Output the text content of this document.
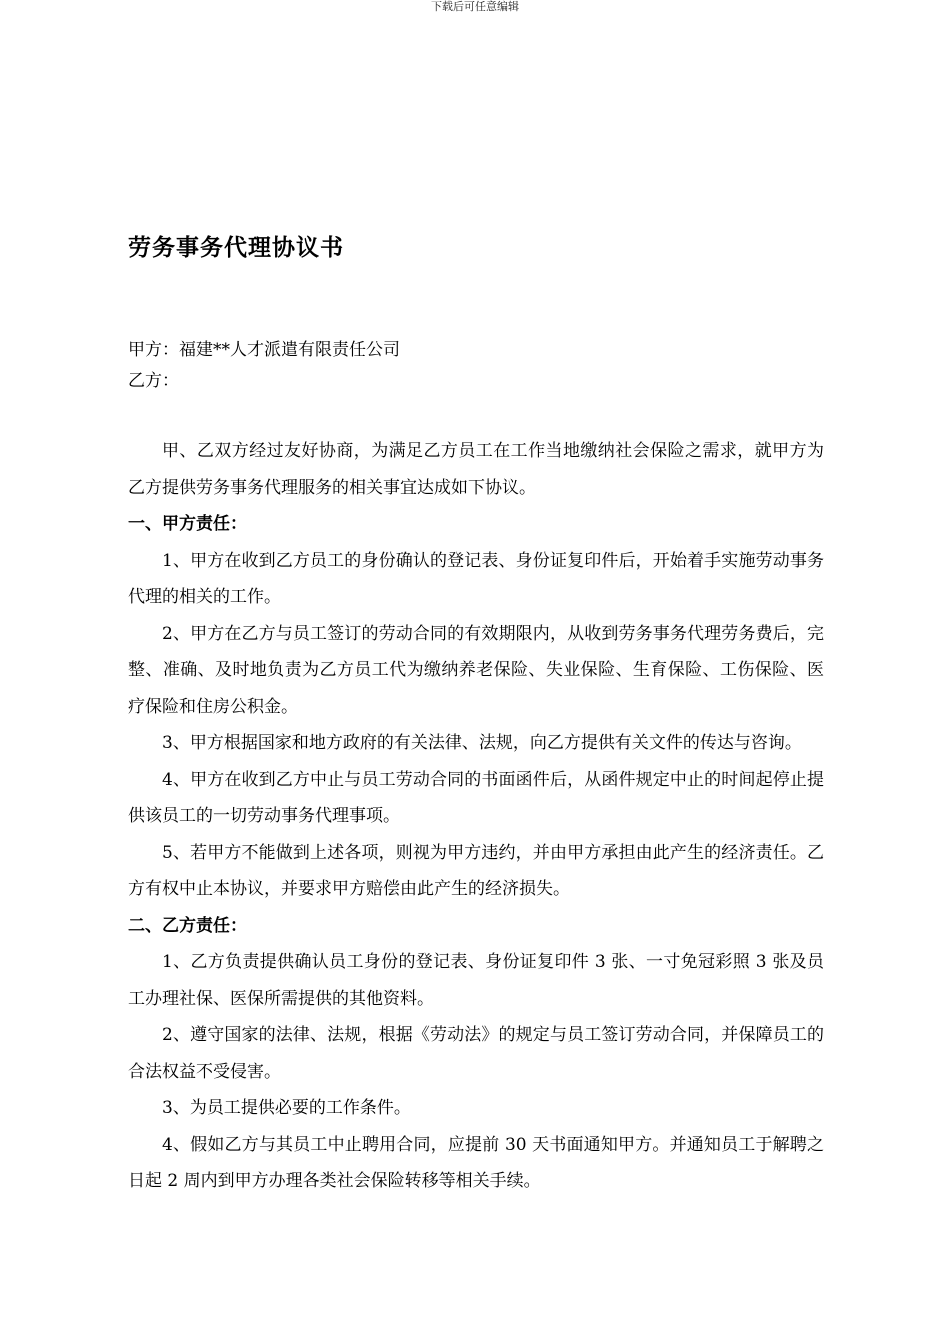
下载后可任意编辑
劳务事务代理协议书

甲方：福建**人才派遣有限责任公司

乙方：

甲、乙双方经过友好协商，为满足乙方员工在工作当地缴纳社会保险之需求，就甲方为乙方提供劳务事务代理服务的相关事宜达成如下协议。

一、甲方责任：

1、甲方在收到乙方员工的身份确认的登记表、身份证复印件后，开始着手实施劳动事务代理的相关的工作。

2、甲方在乙方与员工签订的劳动合同的有效期限内，从收到劳务事务代理劳务费后，完整、准确、及时地负责为乙方员工代为缴纳养老保险、失业保险、生育保险、工伤保险、医疗保险和住房公积金。

3、甲方根据国家和地方政府的有关法律、法规，向乙方提供有关文件的传达与咨询。

4、甲方在收到乙方中止与员工劳动合同的书面函件后，从函件规定中止的时间起停止提供该员工的一切劳动事务代理事项。

5、若甲方不能做到上述各项，则视为甲方违约，并由甲方承担由此产生的经济责任。乙方有权中止本协议，并要求甲方赔偿由此产生的经济损失。

二、乙方责任：

1、乙方负责提供确认员工身份的登记表、身份证复印件 3 张、一寸免冠彩照 3 张及员工办理社保、医保所需提供的其他资料。

2、遵守国家的法律、法规，根据《劳动法》的规定与员工签订劳动合同，并保障员工的合法权益不受侵害。

3、为员工提供必要的工作条件。

4、假如乙方与其员工中止聘用合同，应提前 30 天书面通知甲方。并通知员工于解聘之日起 2 周内到甲方办理各类社会保险转移等相关手续。
